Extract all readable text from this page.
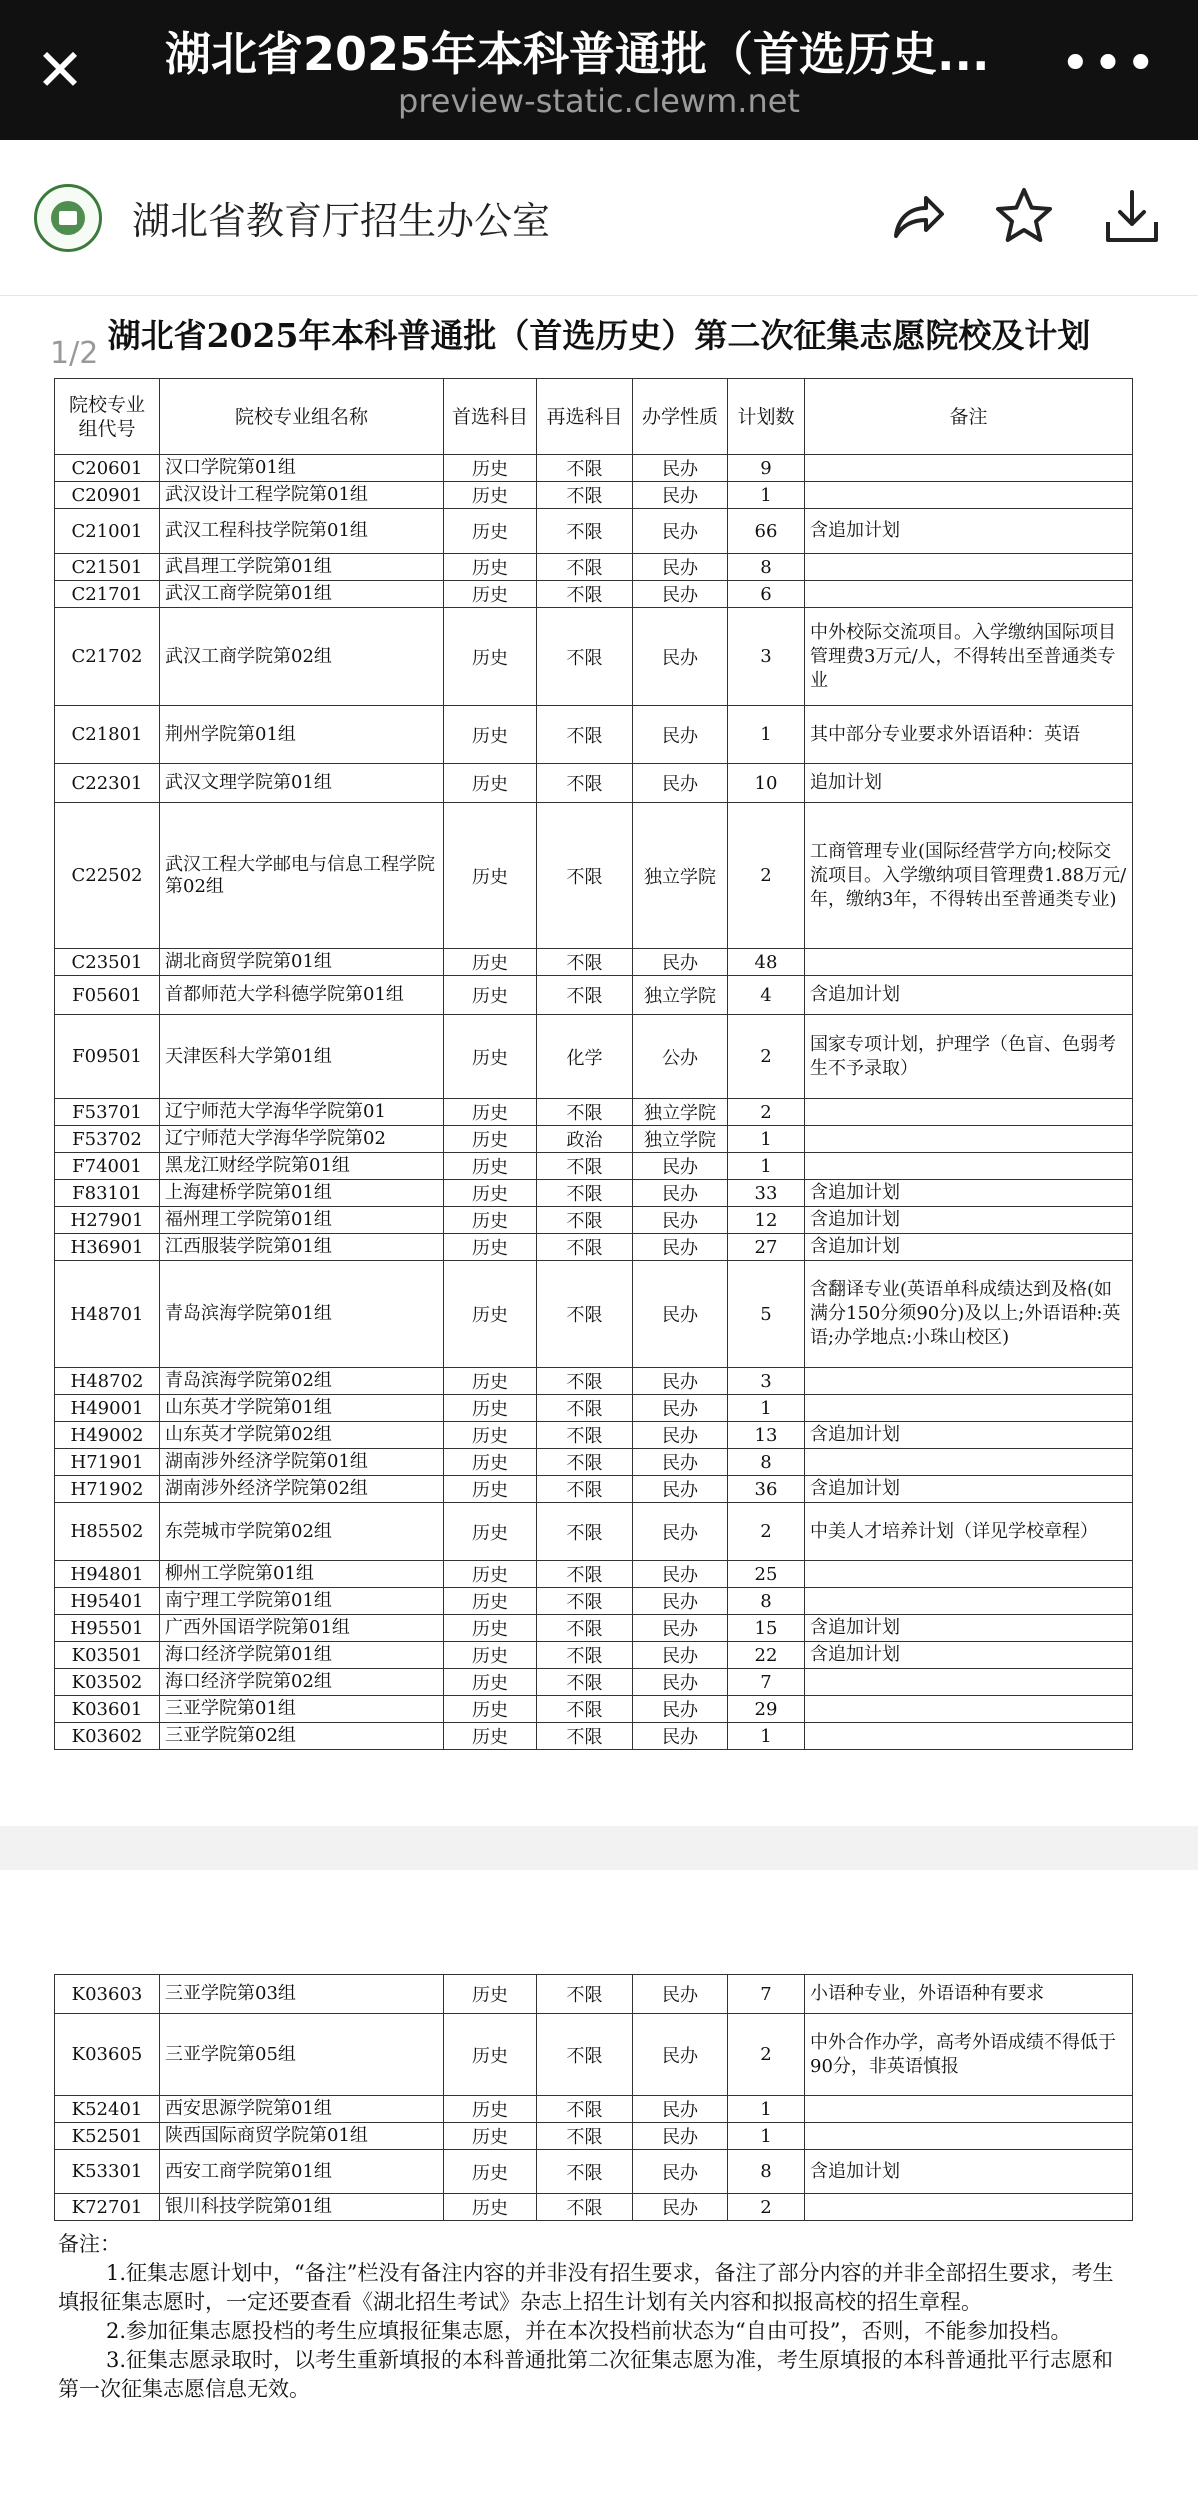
✕ 湖北省2025年本科普通批（首选历史...
preview-static.clewm.net
•••
湖北省教育厅招生办公室
湖北省2025年本科普通批（首选历史）第二次征集志愿院校及计划
1/2
院校专业组代号	院校专业组名称	首选科目	再选科目	办学性质	计划数	备注
C20601	汉口学院第01组	历史	不限	民办	9	
C20901	武汉设计工程学院第01组	历史	不限	民办	1	
C21001	武汉工程科技学院第01组	历史	不限	民办	66	含追加计划
C21501	武昌理工学院第01组	历史	不限	民办	8	
C21701	武汉工商学院第01组	历史	不限	民办	6	
C21702	武汉工商学院第02组	历史	不限	民办	3	中外校际交流项目。入学缴纳国际项目管理费3万元/人，不得转出至普通类专业
C21801	荆州学院第01组	历史	不限	民办	1	其中部分专业要求外语语种：英语
C22301	武汉文理学院第01组	历史	不限	民办	10	追加计划
C22502	武汉工程大学邮电与信息工程学院第02组	历史	不限	独立学院	2	工商管理专业(国际经营学方向;校际交流项目。入学缴纳项目管理费1.88万元/年，缴纳3年，不得转出至普通类专业)
C23501	湖北商贸学院第01组	历史	不限	民办	48	
F05601	首都师范大学科德学院第01组	历史	不限	独立学院	4	含追加计划
F09501	天津医科大学第01组	历史	化学	公办	2	国家专项计划，护理学（色盲、色弱考生不予录取）
F53701	辽宁师范大学海华学院第01	历史	不限	独立学院	2	
F53702	辽宁师范大学海华学院第02	历史	政治	独立学院	1	
F74001	黑龙江财经学院第01组	历史	不限	民办	1	
F83101	上海建桥学院第01组	历史	不限	民办	33	含追加计划
H27901	福州理工学院第01组	历史	不限	民办	12	含追加计划
H36901	江西服装学院第01组	历史	不限	民办	27	含追加计划
H48701	青岛滨海学院第01组	历史	不限	民办	5	含翻译专业(英语单科成绩达到及格(如满分150分须90分)及以上;外语语种:英语;办学地点:小珠山校区)
H48702	青岛滨海学院第02组	历史	不限	民办	3	
H49001	山东英才学院第01组	历史	不限	民办	1	
H49002	山东英才学院第02组	历史	不限	民办	13	含追加计划
H71901	湖南涉外经济学院第01组	历史	不限	民办	8	
H71902	湖南涉外经济学院第02组	历史	不限	民办	36	含追加计划
H85502	东莞城市学院第02组	历史	不限	民办	2	中美人才培养计划（详见学校章程）
H94801	柳州工学院第01组	历史	不限	民办	25	
H95401	南宁理工学院第01组	历史	不限	民办	8	
H95501	广西外国语学院第01组	历史	不限	民办	15	含追加计划
K03501	海口经济学院第01组	历史	不限	民办	22	含追加计划
K03502	海口经济学院第02组	历史	不限	民办	7	
K03601	三亚学院第01组	历史	不限	民办	29	
K03602	三亚学院第02组	历史	不限	民办	1	
K03603	三亚学院第03组	历史	不限	民办	7	小语种专业，外语语种有要求
K03605	三亚学院第05组	历史	不限	民办	2	中外合作办学，高考外语成绩不得低于90分，非英语慎报
K52401	西安思源学院第01组	历史	不限	民办	1	
K52501	陕西国际商贸学院第01组	历史	不限	民办	1	
K53301	西安工商学院第01组	历史	不限	民办	8	含追加计划
K72701	银川科技学院第01组	历史	不限	民办	2	

备注：

1.征集志愿计划中，“备注”栏没有备注内容的并非没有招生要求，备注了部分内容的并非全部招生要求，考生填报征集志愿时，一定还要查看《湖北招生考试》杂志上招生计划有关内容和拟报高校的招生章程。

2.参加征集志愿投档的考生应填报征集志愿，并在本次投档前状态为“自由可投”，否则，不能参加投档。

3.征集志愿录取时，以考生重新填报的本科普通批第二次征集志愿为准，考生原填报的本科普通批平行志愿和第一次征集志愿信息无效。
